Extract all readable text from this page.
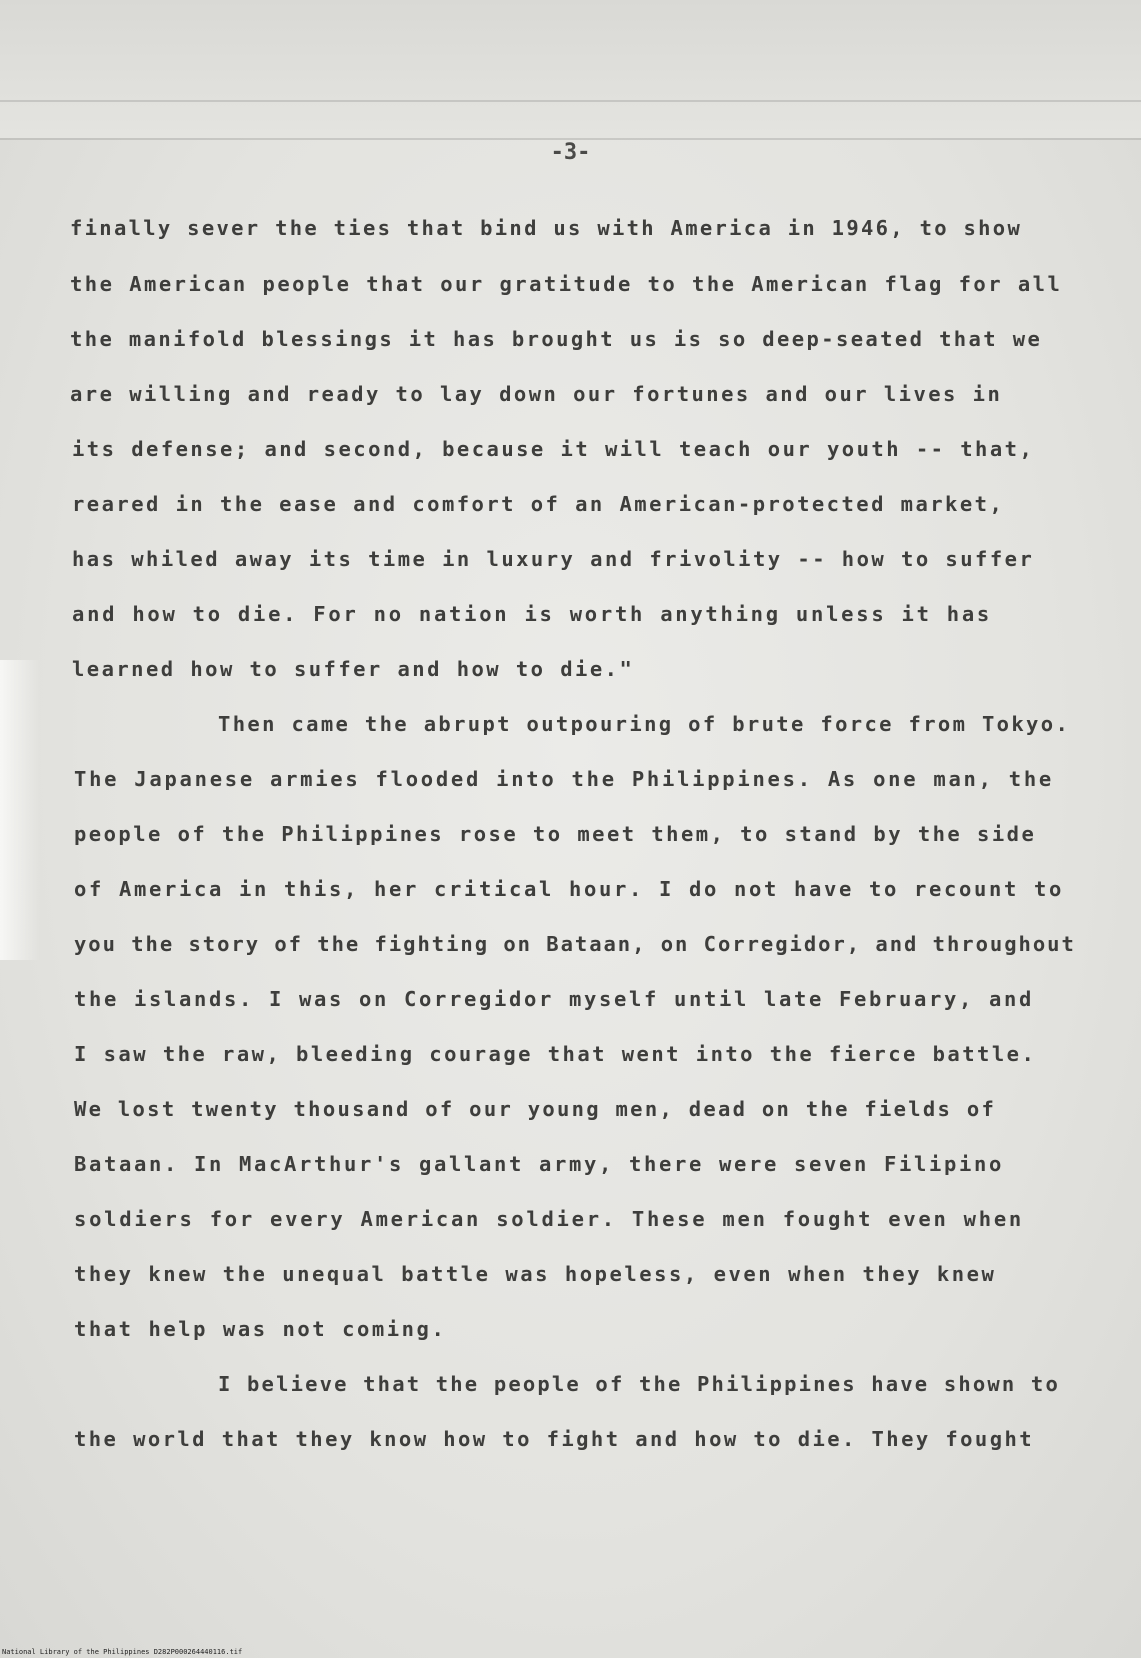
-3-
finally sever the ties that bind us with America in 1946, to show
the American people that our gratitude to the American flag for all
the manifold blessings it has brought us is so deep-seated that we
are willing and ready to lay down our fortunes and our lives in
its defense; and second, because it will teach our youth -- that,
reared in the ease and comfort of an American-protected market,
has whiled away its time in luxury and frivolity -- how to suffer
and how to die. For no nation is worth anything unless it has
learned how to suffer and how to die."
Then came the abrupt outpouring of brute force from Tokyo.
The Japanese armies flooded into the Philippines. As one man, the
people of the Philippines rose to meet them, to stand by the side
of America in this, her critical hour. I do not have to recount to
you the story of the fighting on Bataan, on Corregidor, and throughout
the islands. I was on Corregidor myself until late February, and
I saw the raw, bleeding courage that went into the fierce battle.
We lost twenty thousand of our young men, dead on the fields of
Bataan. In MacArthur's gallant army, there were seven Filipino
soldiers for every American soldier. These men fought even when
they knew the unequal battle was hopeless, even when they knew
that help was not coming.
I believe that the people of the Philippines have shown to
the world that they know how to fight and how to die. They fought
National Library of the Philippines D282P000264440116.tif
